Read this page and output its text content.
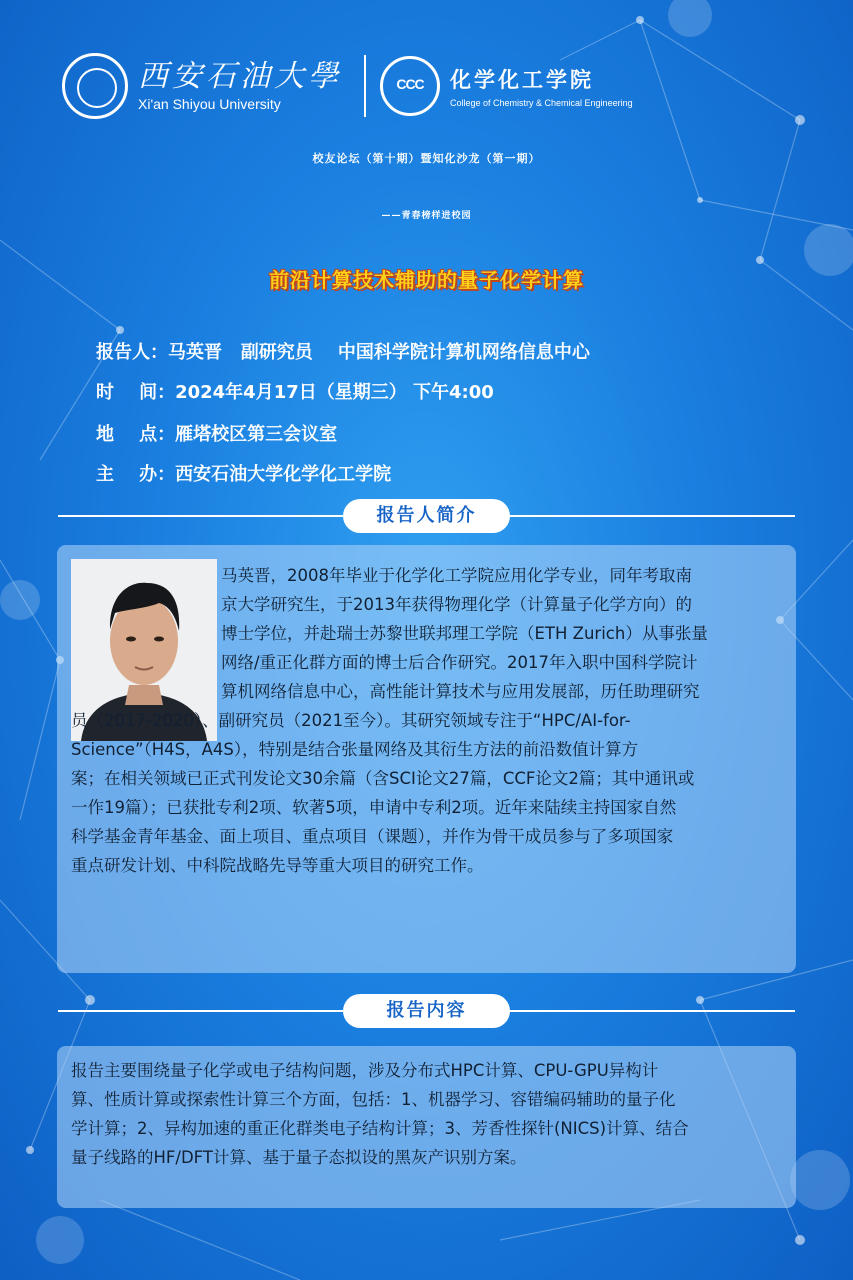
西安石油大學
Xi'an Shiyou University
CCC	化学化工学院
College of Chemistry & Chemical Engineering
校友论坛（第十期）暨知化沙龙（第一期）
——青春榜样进校园
前沿计算技术辅助的量子化学计算
报告人：马英晋   副研究员    中国科学院计算机网络信息中心
时    间：2024年4月17日（星期三） 下午4:00
地    点：雁塔校区第三会议室
主    办：西安石油大学化学化工学院
报告人简介
马英晋，2008年毕业于化学化工学院应用化学专业，同年考取南
京大学研究生，于2013年获得物理化学（计算量子化学方向）的
博士学位，并赴瑞士苏黎世联邦理工学院（ETH Zurich）从事张量
网络/重正化群方面的博士后合作研究。2017年入职中国科学院计
算机网络信息中心，高性能计算技术与应用发展部，历任助理研究
员（2017-2020）、副研究员（2021至今）。其研究领域专注于“HPC/AI-for-
Science”（H4S，A4S），特别是结合张量网络及其衍生方法的前沿数值计算方
案；在相关领域已正式刊发论文30余篇（含SCI论文27篇，CCF论文2篇；其中通讯或
一作19篇）；已获批专利2项、软著5项，申请中专利2项。近年来陆续主持国家自然
科学基金青年基金、面上项目、重点项目（课题），并作为骨干成员参与了多项国家
重点研发计划、中科院战略先导等重大项目的研究工作。
报告内容
报告主要围绕量子化学或电子结构问题，涉及分布式HPC计算、CPU-GPU异构计
算、性质计算或探索性计算三个方面，包括：1、机器学习、容错编码辅助的量子化
学计算；2、异构加速的重正化群类电子结构计算；3、芳香性探针(NICS)计算、结合
量子线路的HF/DFT计算、基于量子态拟设的黑灰产识别方案。
